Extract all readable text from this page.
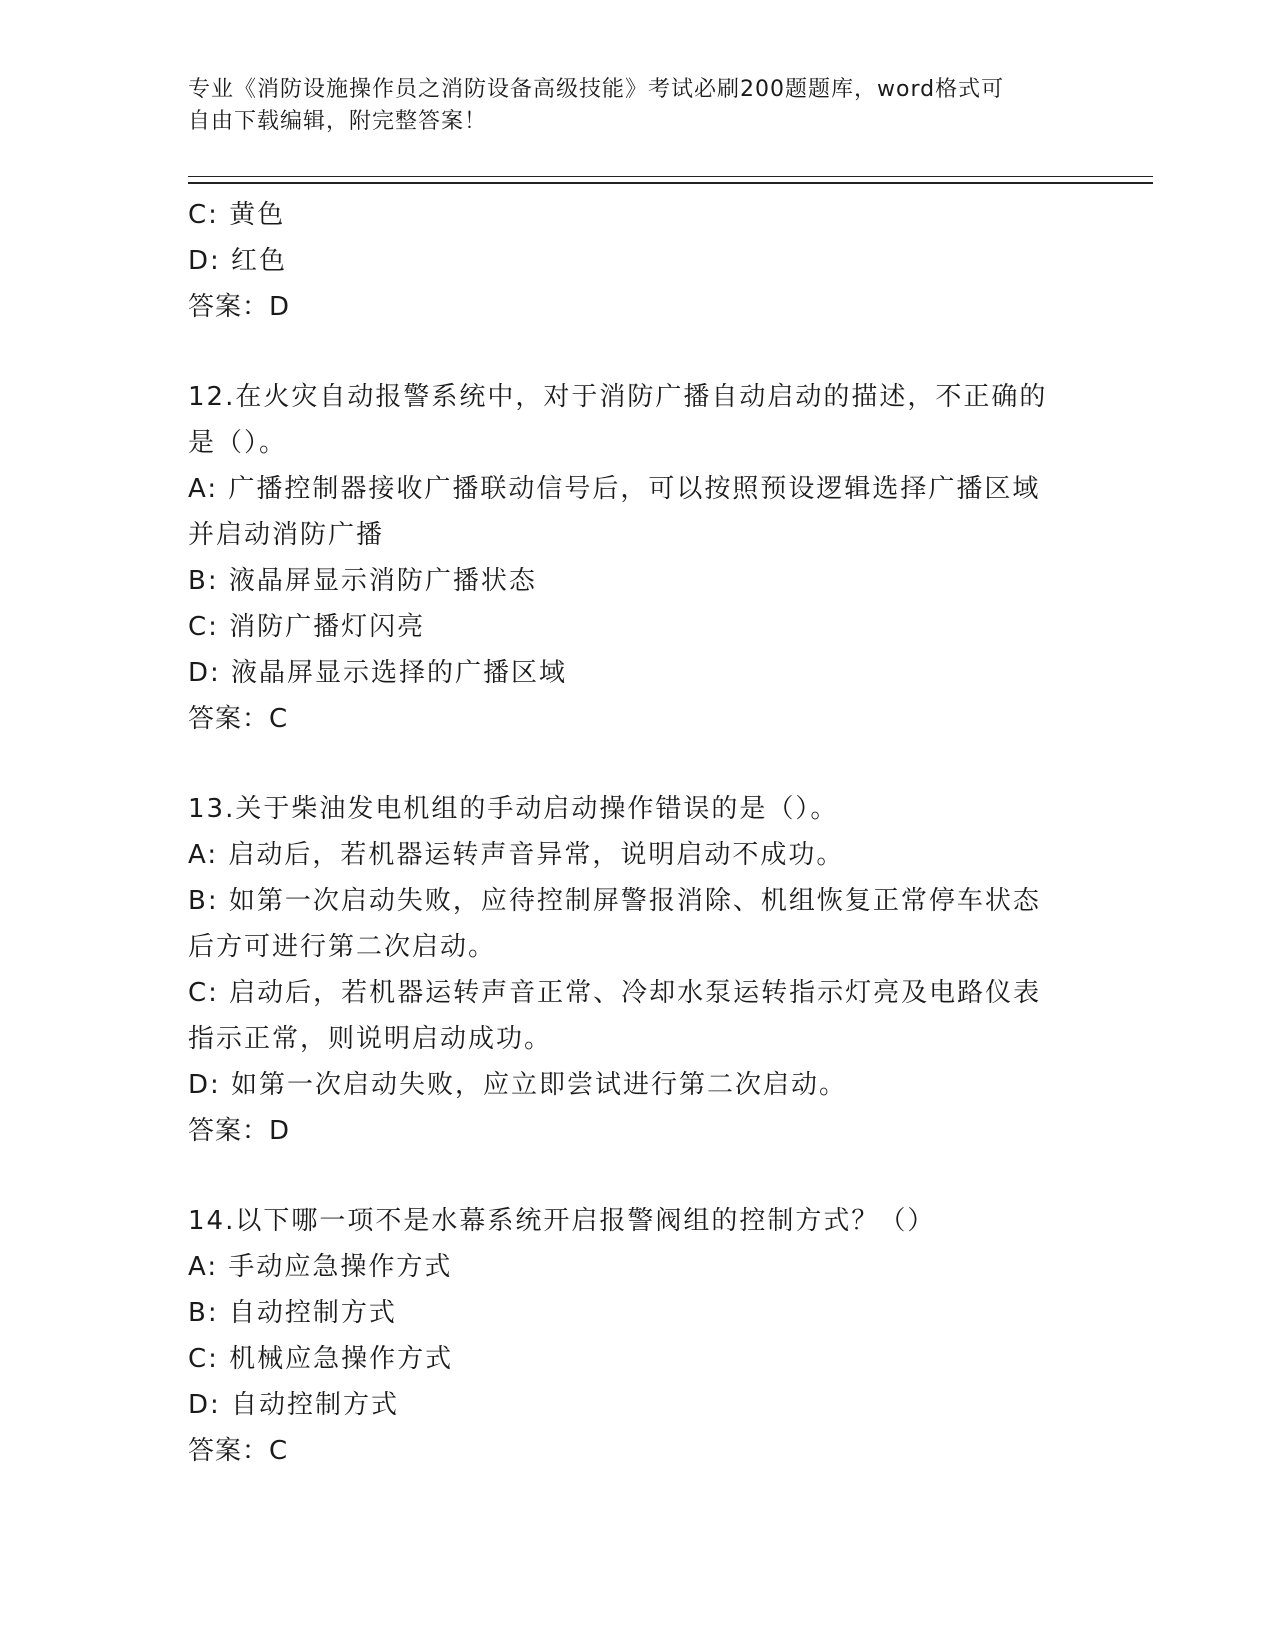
专业《消防设施操作员之消防设备高级技能》考试必刷200题题库，word格式可
自由下载编辑，附完整答案！
C: 黄色
D: 红色
答案：D
12.在火灾自动报警系统中，对于消防广播自动启动的描述，不正确的
是（）。
A: 广播控制器接收广播联动信号后，可以按照预设逻辑选择广播区域
并启动消防广播
B: 液晶屏显示消防广播状态
C: 消防广播灯闪亮
D: 液晶屏显示选择的广播区域
答案：C
13.关于柴油发电机组的手动启动操作错误的是（）。
A: 启动后，若机器运转声音异常，说明启动不成功。
B: 如第一次启动失败，应待控制屏警报消除、机组恢复正常停车状态
后方可进行第二次启动。
C: 启动后，若机器运转声音正常、冷却水泵运转指示灯亮及电路仪表
指示正常，则说明启动成功。
D: 如第一次启动失败，应立即尝试进行第二次启动。
答案：D
14.以下哪一项不是水幕系统开启报警阀组的控制方式？（）
A: 手动应急操作方式
B: 自动控制方式
C: 机械应急操作方式
D: 自动控制方式
答案：C
